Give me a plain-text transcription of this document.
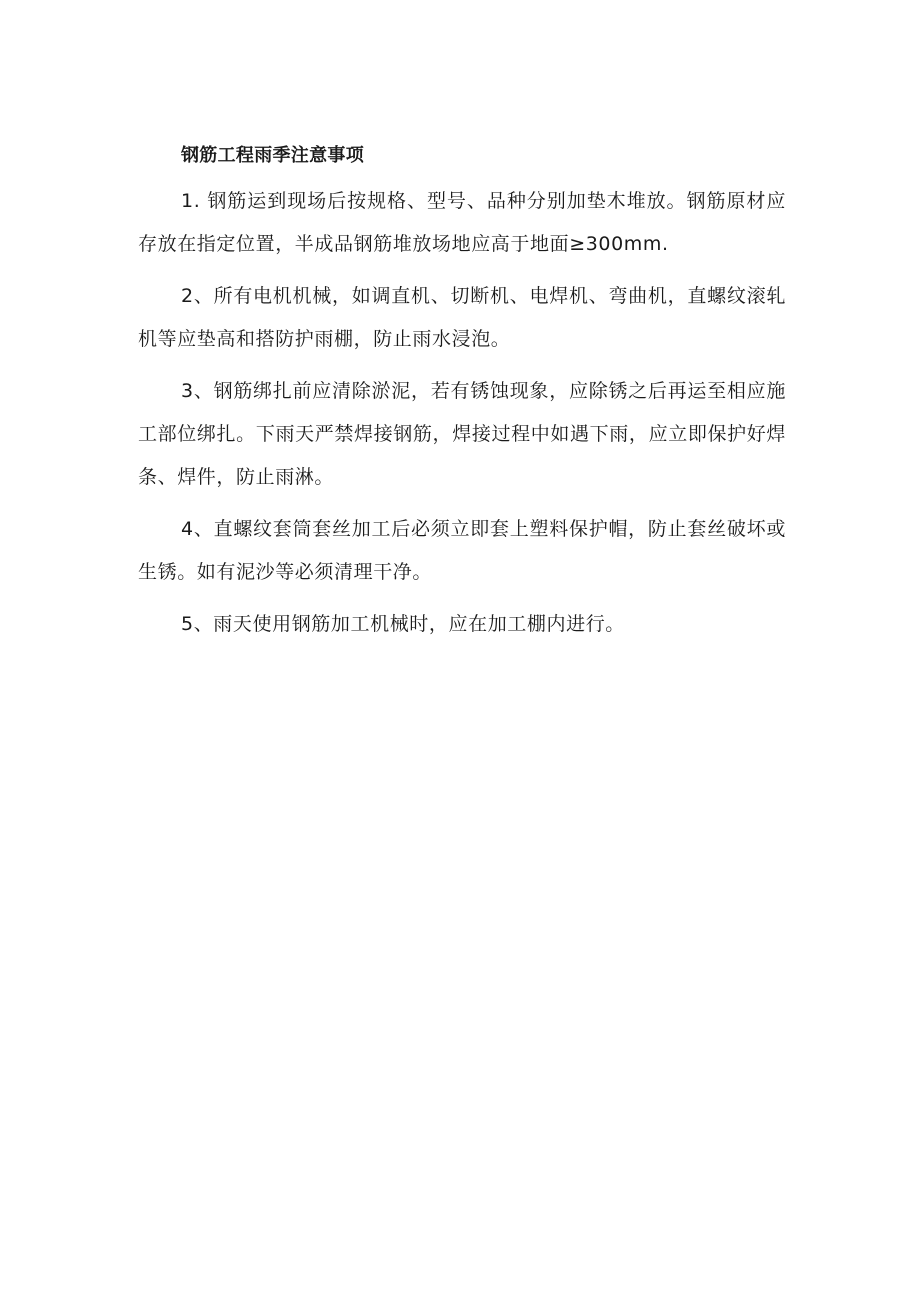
钢筋工程雨季注意事项

1. 钢筋运到现场后按规格、型号、品种分别加垫木堆放。钢筋原材应存放在指定位置，半成品钢筋堆放场地应高于地面≥300mm.

2、所有电机机械，如调直机、切断机、电焊机、弯曲机，直螺纹滚轧机等应垫高和搭防护雨棚，防止雨水浸泡。

3、钢筋绑扎前应清除淤泥，若有锈蚀现象，应除锈之后再运至相应施工部位绑扎。下雨天严禁焊接钢筋，焊接过程中如遇下雨，应立即保护好焊条、焊件，防止雨淋。

4、直螺纹套筒套丝加工后必须立即套上塑料保护帽，防止套丝破坏或生锈。如有泥沙等必须清理干净。

5、雨天使用钢筋加工机械时，应在加工棚内进行。
